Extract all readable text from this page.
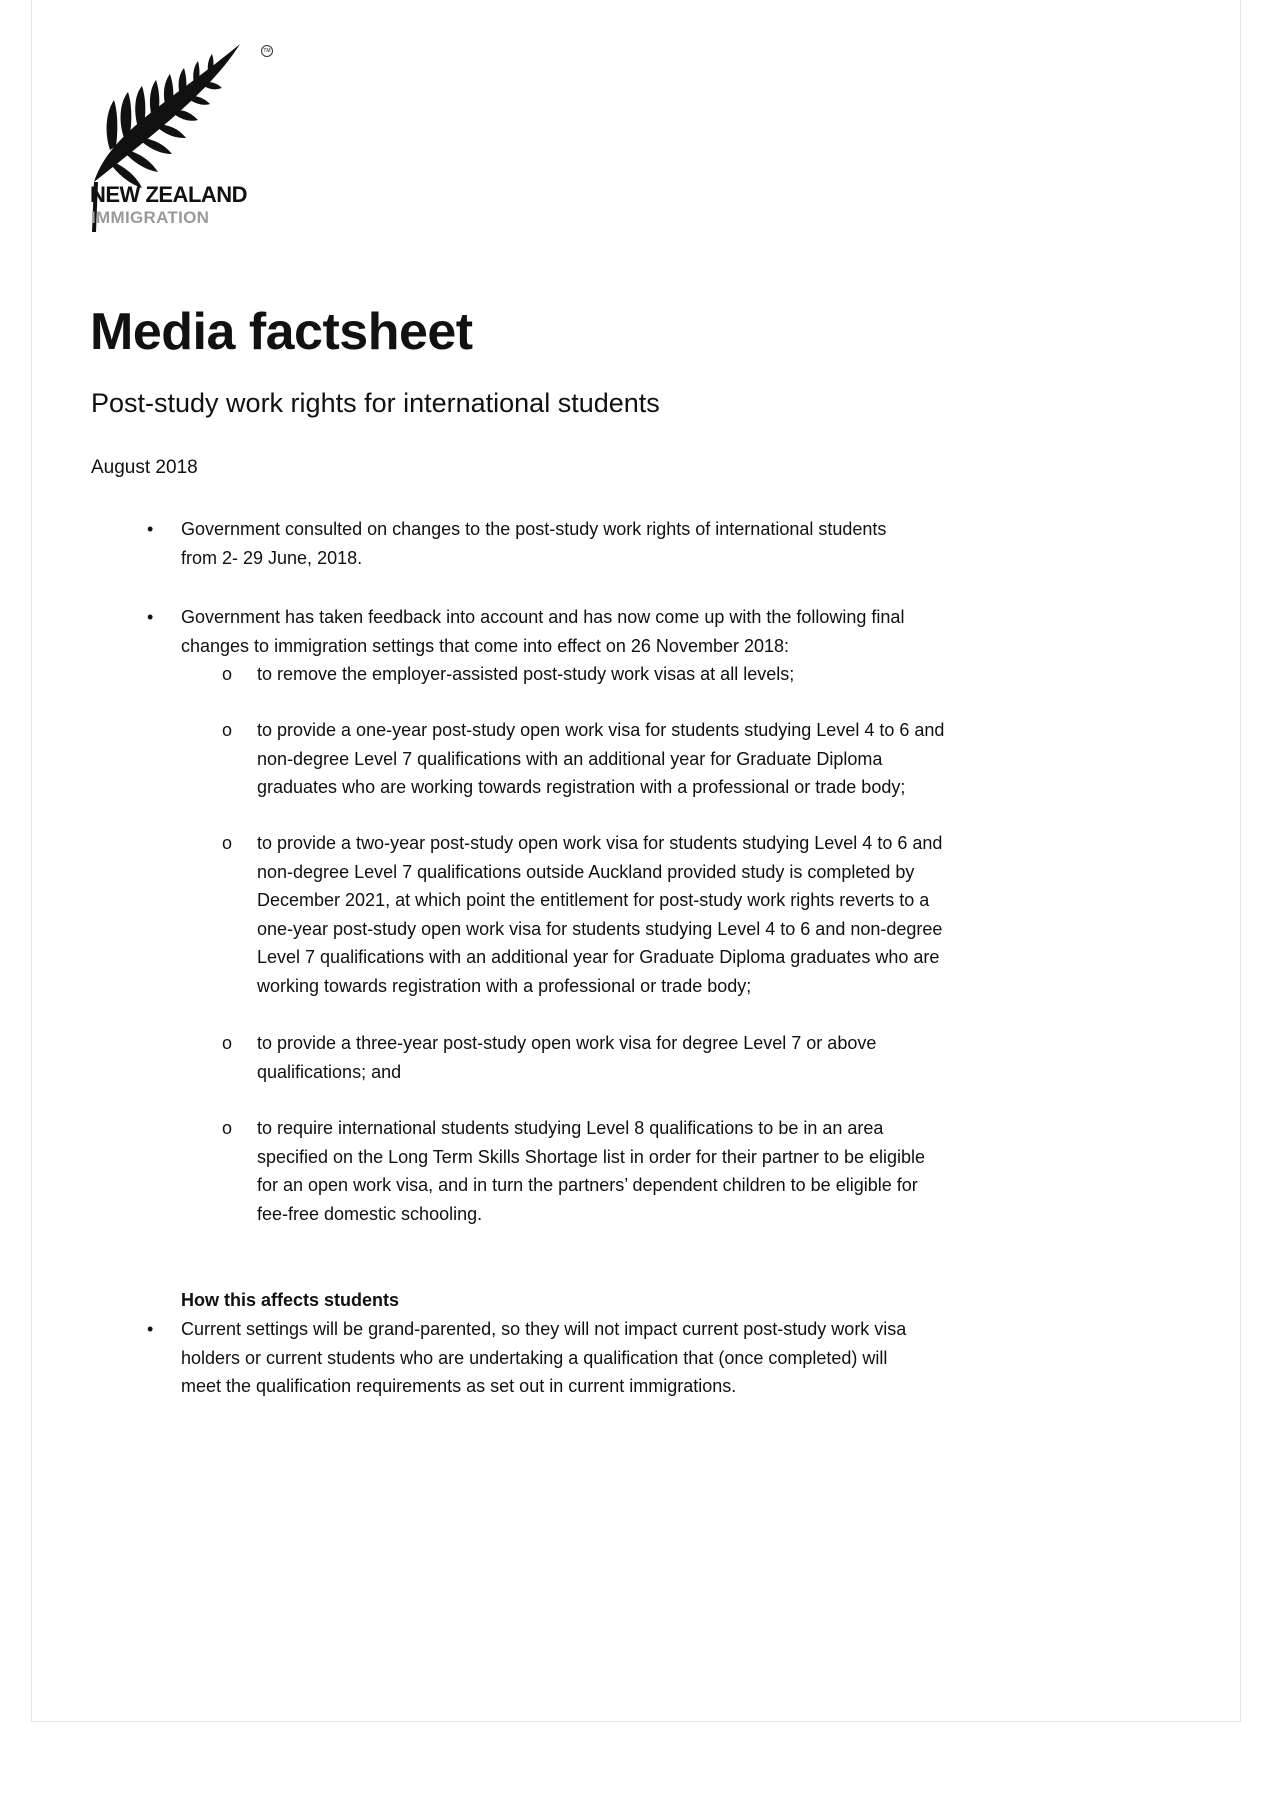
TM
NEW ZEALAND
IMMIGRATION
Media factsheet
Post-study work rights for international students
August 2018
• Government consulted on changes to the post-study work rights of international students
from 2- 29 June, 2018.
• Government has taken feedback into account and has now come up with the following final
changes to immigration settings that come into effect on 26 November 2018:
o to remove the employer-assisted post-study work visas at all levels;
o to provide a one-year post-study open work visa for students studying Level 4 to 6 and
non-degree Level 7 qualifications with an additional year for Graduate Diploma
graduates who are working towards registration with a professional or trade body;
o to provide a two-year post-study open work visa for students studying Level 4 to 6 and
non-degree Level 7 qualifications outside Auckland provided study is completed by
December 2021, at which point the entitlement for post-study work rights reverts to a
one-year post-study open work visa for students studying Level 4 to 6 and non-degree
Level 7 qualifications with an additional year for Graduate Diploma graduates who are
working towards registration with a professional or trade body;
o to provide a three-year post-study open work visa for degree Level 7 or above
qualifications; and
o to require international students studying Level 8 qualifications to be in an area
specified on the Long Term Skills Shortage list in order for their partner to be eligible
for an open work visa, and in turn the partners’ dependent children to be eligible for
fee-free domestic schooling.
How this affects students
• Current settings will be grand-parented, so they will not impact current post-study work visa
holders or current students who are undertaking a qualification that (once completed) will
meet the qualification requirements as set out in current immigrations.
